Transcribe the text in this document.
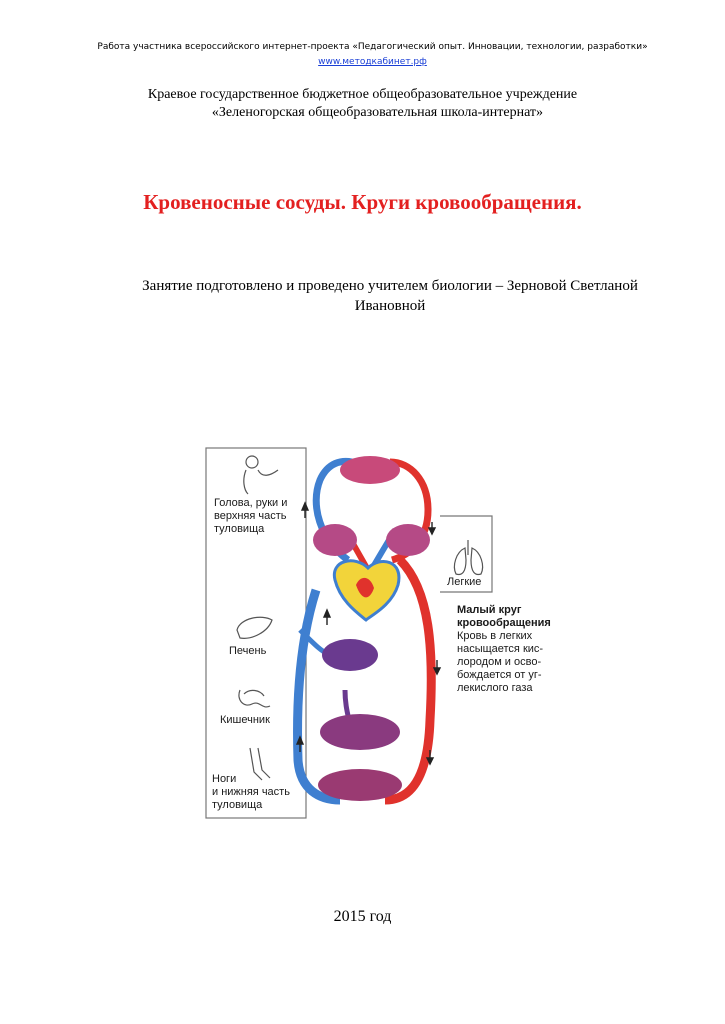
Работа участника всероссийского интернет-проекта «Педагогический опыт. Инновации, технологии, разработки»
www.методкабинет.рф
Краевое государственное бюджетное общеобразовательное учреждение
«Зеленогорская общеобразовательная школа-интернат»
Кровеносные сосуды. Круги кровообращения.
Занятие подготовлено и проведено учителем биологии – Зерновой Светланой
Ивановной
Голова, руки и
верхняя часть
туловища
Легкие
Печень
Кишечник
Ноги
и нижняя часть
туловища
Малый круг
кровообращения
Кровь в легких
насыщается кис-
лородом и осво-
бождается от уг-
лекислого газа
2015 год
